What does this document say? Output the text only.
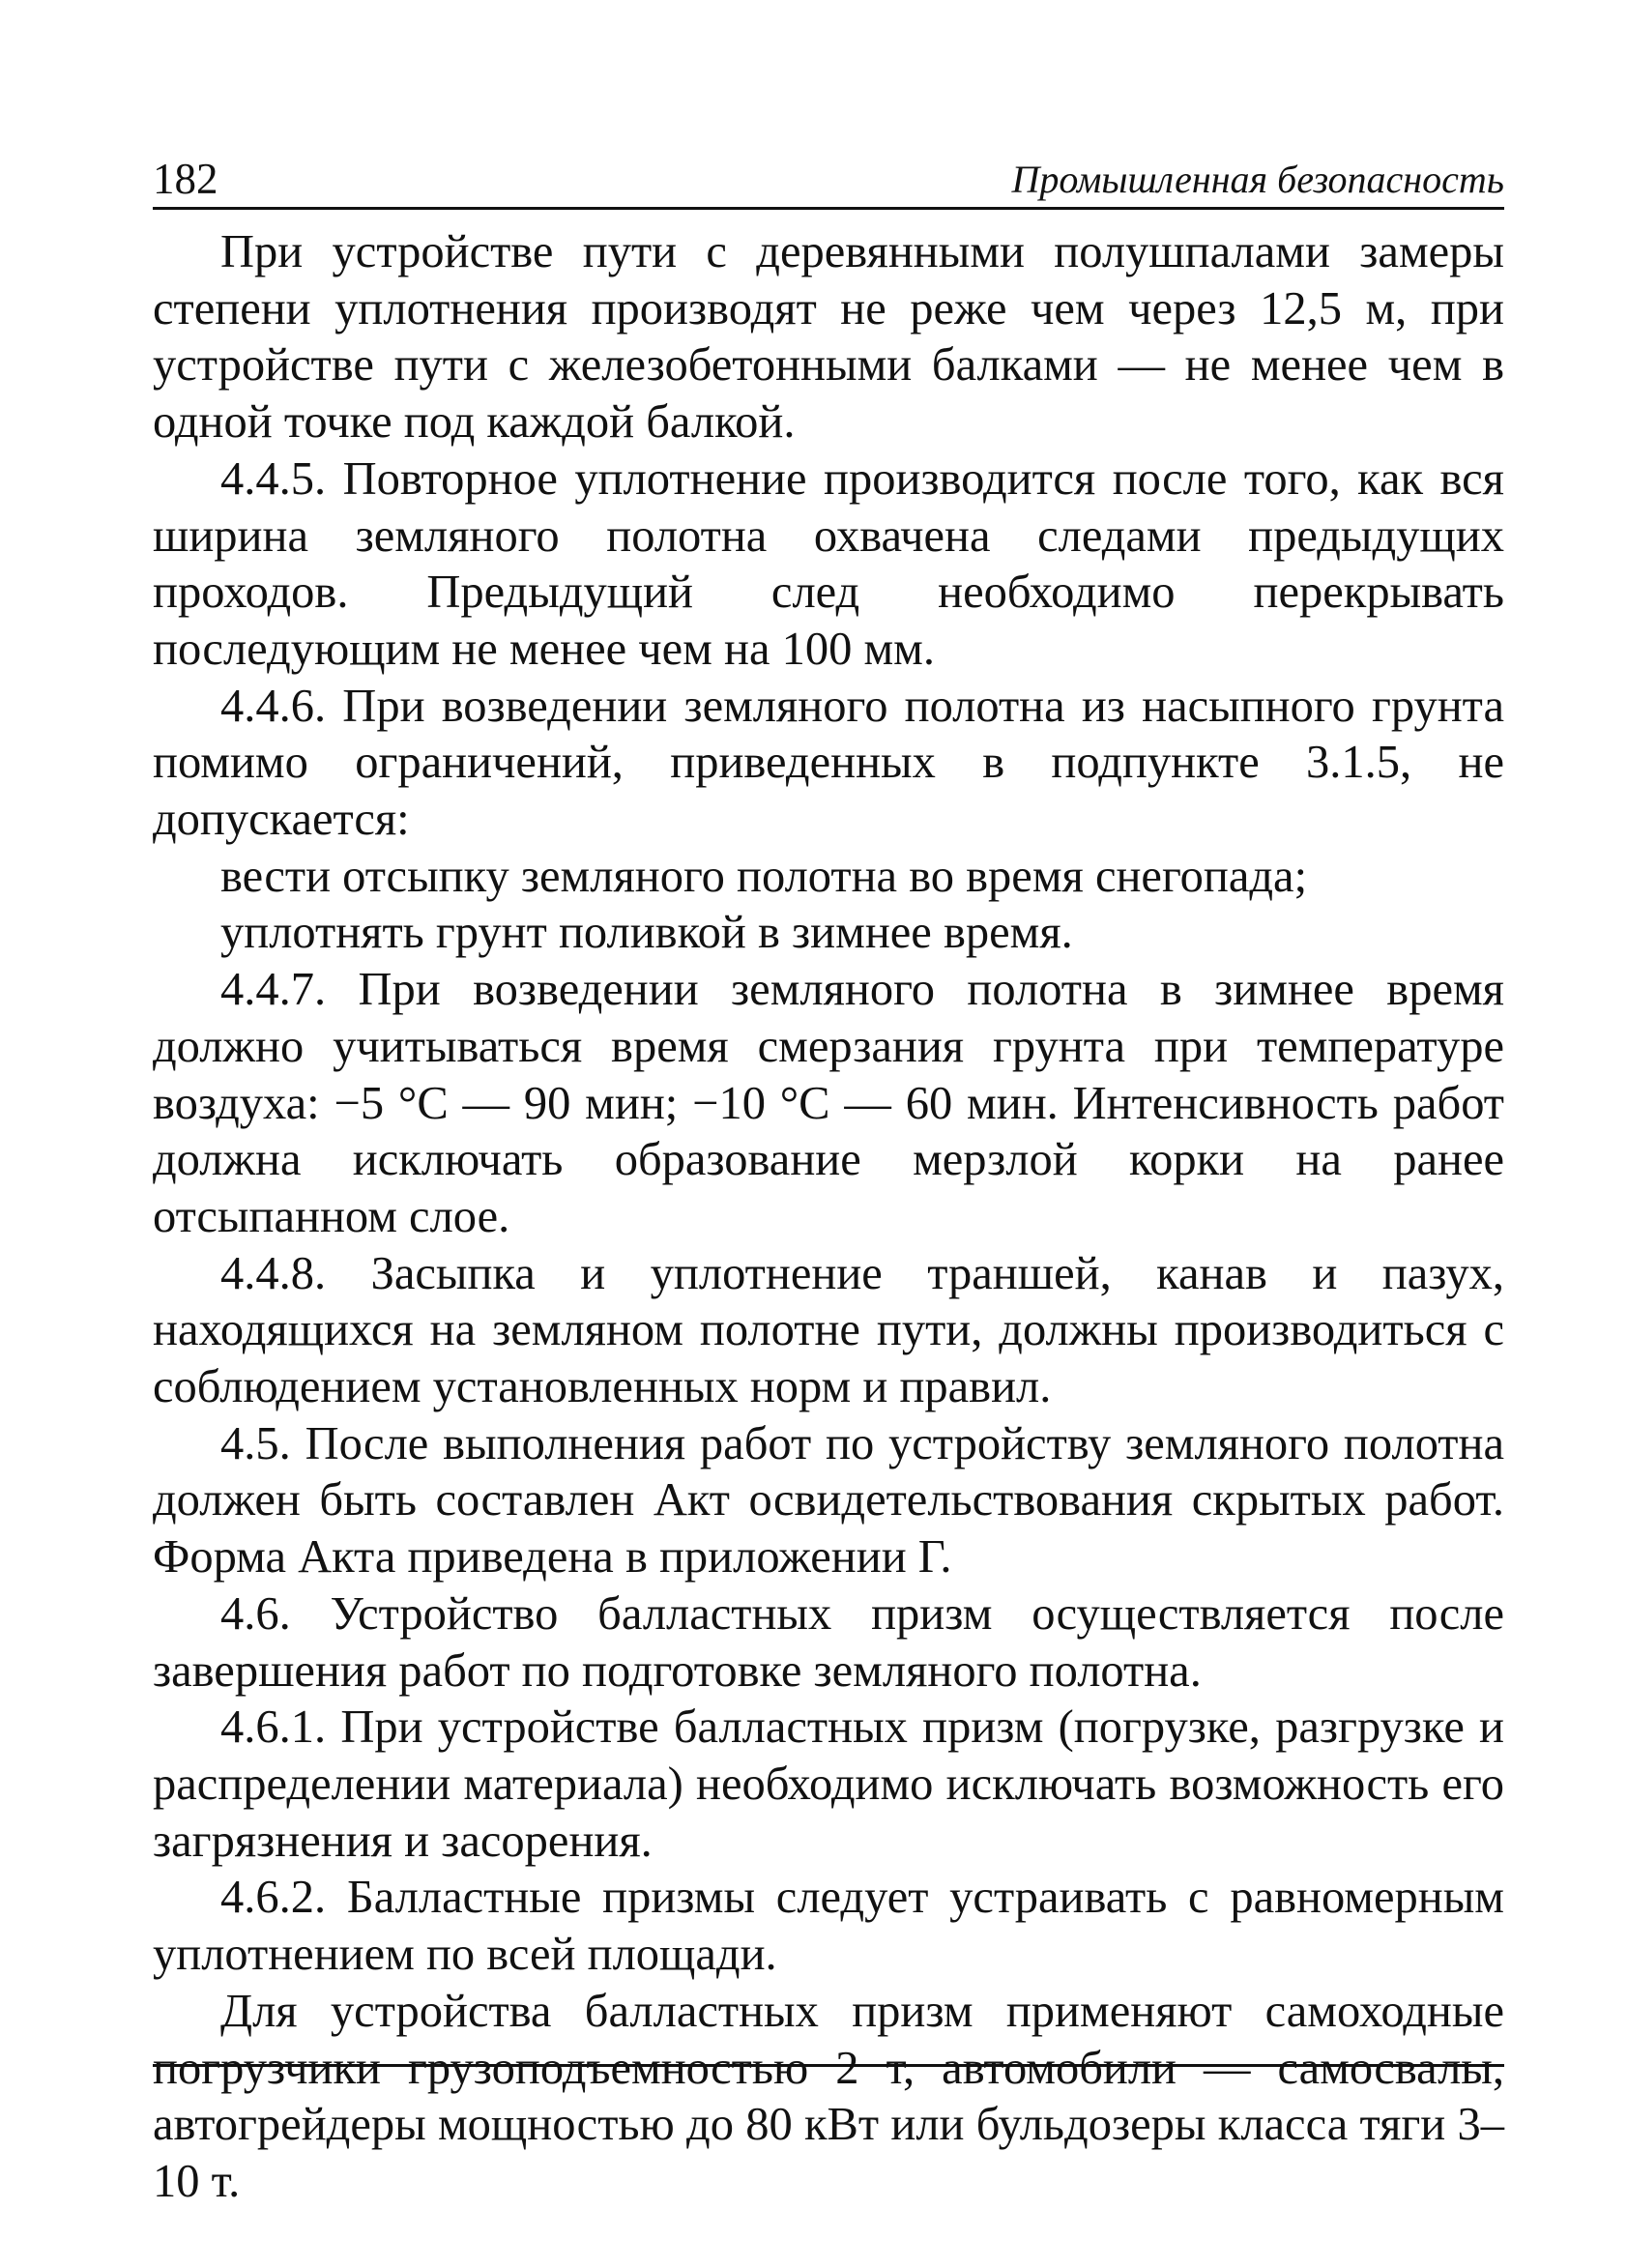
182	Промышленная безопасность

При устройстве пути с деревянными полушпалами замеры степени уплотнения производят не реже чем через 12,5 м, при устройстве пути с железобетонными балками — не менее чем в одной точке под каждой балкой.

4.4.5. Повторное уплотнение производится после того, как вся ширина земляного полотна охвачена следами предыдущих проходов. Предыдущий след необходимо перекрывать последующим не менее чем на 100 мм.

4.4.6. При возведении земляного полотна из насыпного грунта помимо ограничений, приведенных в подпункте 3.1.5, не допускается:

вести отсыпку земляного полотна во время снегопада;

уплотнять грунт поливкой в зимнее время.

4.4.7. При возведении земляного полотна в зимнее время должно учитываться время смерзания грунта при температуре воздуха: −5 °С — 90 мин; −10 °С — 60 мин. Интенсивность работ должна исключать образование мерзлой корки на ранее отсыпанном слое.

4.4.8. Засыпка и уплотнение траншей, канав и пазух, находящихся на земляном полотне пути, должны производиться с соблюдением установленных норм и правил.

4.5. После выполнения работ по устройству земляного полотна должен быть составлен Акт освидетельствования скрытых работ. Форма Акта приведена в приложении Г.

4.6. Устройство балластных призм осуществляется после завершения работ по подготовке земляного полотна.

4.6.1. При устройстве балластных призм (погрузке, разгрузке и распределении материала) необходимо исключать возможность его загрязнения и засорения.

4.6.2. Балластные призмы следует устраивать с равномерным уплотнением по всей площади.

Для устройства балластных призм применяют самоходные погрузчики грузоподъемностью 2 т, автомобили — самосвалы, автогрейдеры мощностью до 80 кВт или бульдозеры класса тяги 3–10 т.
